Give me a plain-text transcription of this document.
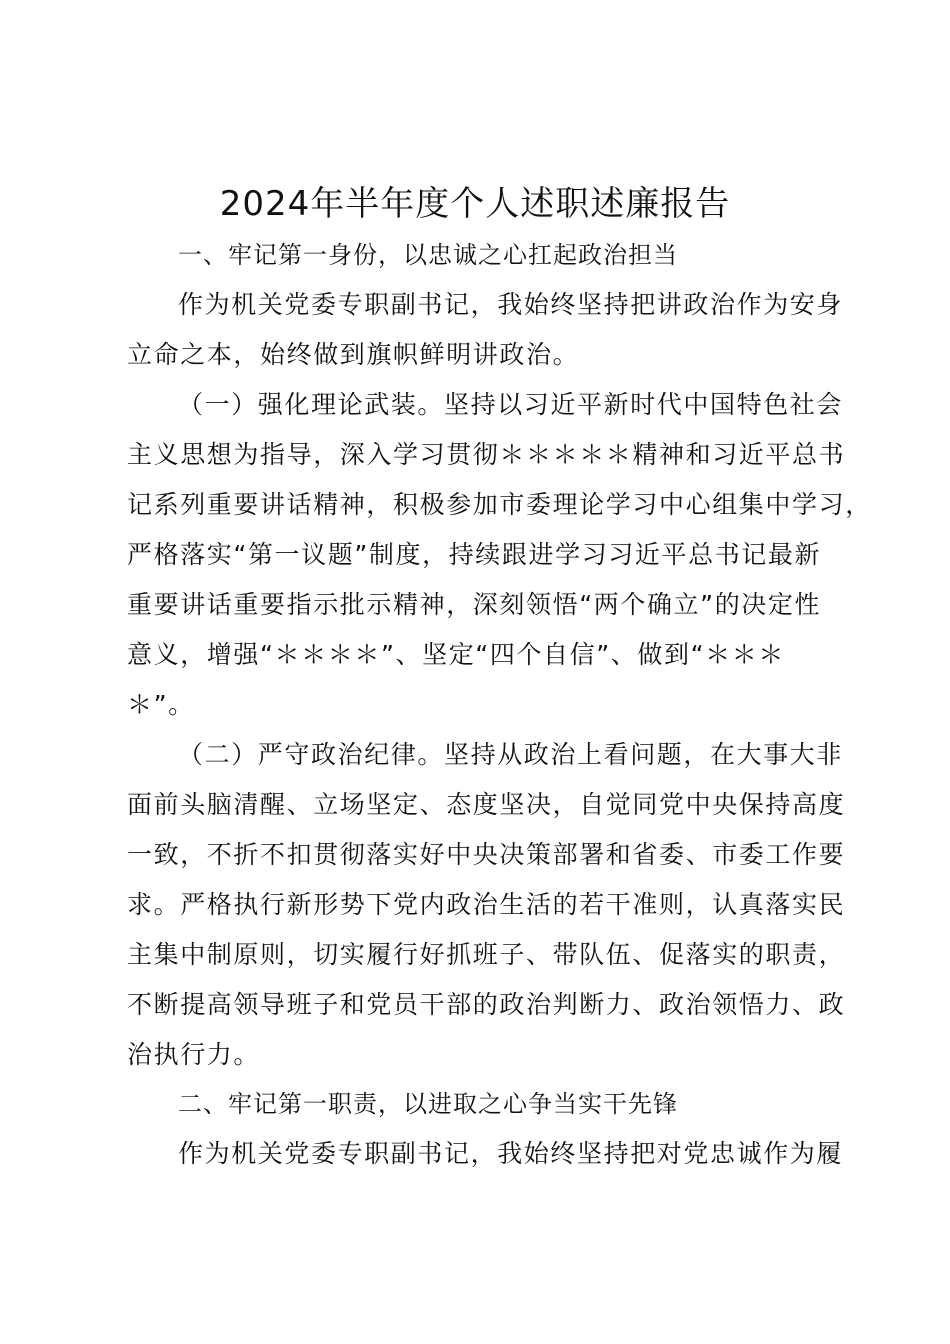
2024年半年度个人述职述廉报告
一、牢记第一身份，以忠诚之心扛起政治担当
作为机关党委专职副书记，我始终坚持把讲政治作为安身
立命之本，始终做到旗帜鲜明讲政治。
（一）强化理论武装。坚持以习近平新时代中国特色社会
主义思想为指导，深入学习贯彻＊＊＊＊＊精神和习近平总书
记系列重要讲话精神，积极参加市委理论学习中心组集中学习，
严格落实“第一议题”制度，持续跟进学习习近平总书记最新
重要讲话重要指示批示精神，深刻领悟“两个确立”的决定性
意义，增强“＊＊＊＊”、坚定“四个自信”、做到“＊＊＊
＊”。
（二）严守政治纪律。坚持从政治上看问题，在大事大非
面前头脑清醒、立场坚定、态度坚决，自觉同党中央保持高度
一致，不折不扣贯彻落实好中央决策部署和省委、市委工作要
求。严格执行新形势下党内政治生活的若干准则，认真落实民
主集中制原则，切实履行好抓班子、带队伍、促落实的职责，
不断提高领导班子和党员干部的政治判断力、政治领悟力、政
治执行力。
二、牢记第一职责，以进取之心争当实干先锋
作为机关党委专职副书记，我始终坚持把对党忠诚作为履
